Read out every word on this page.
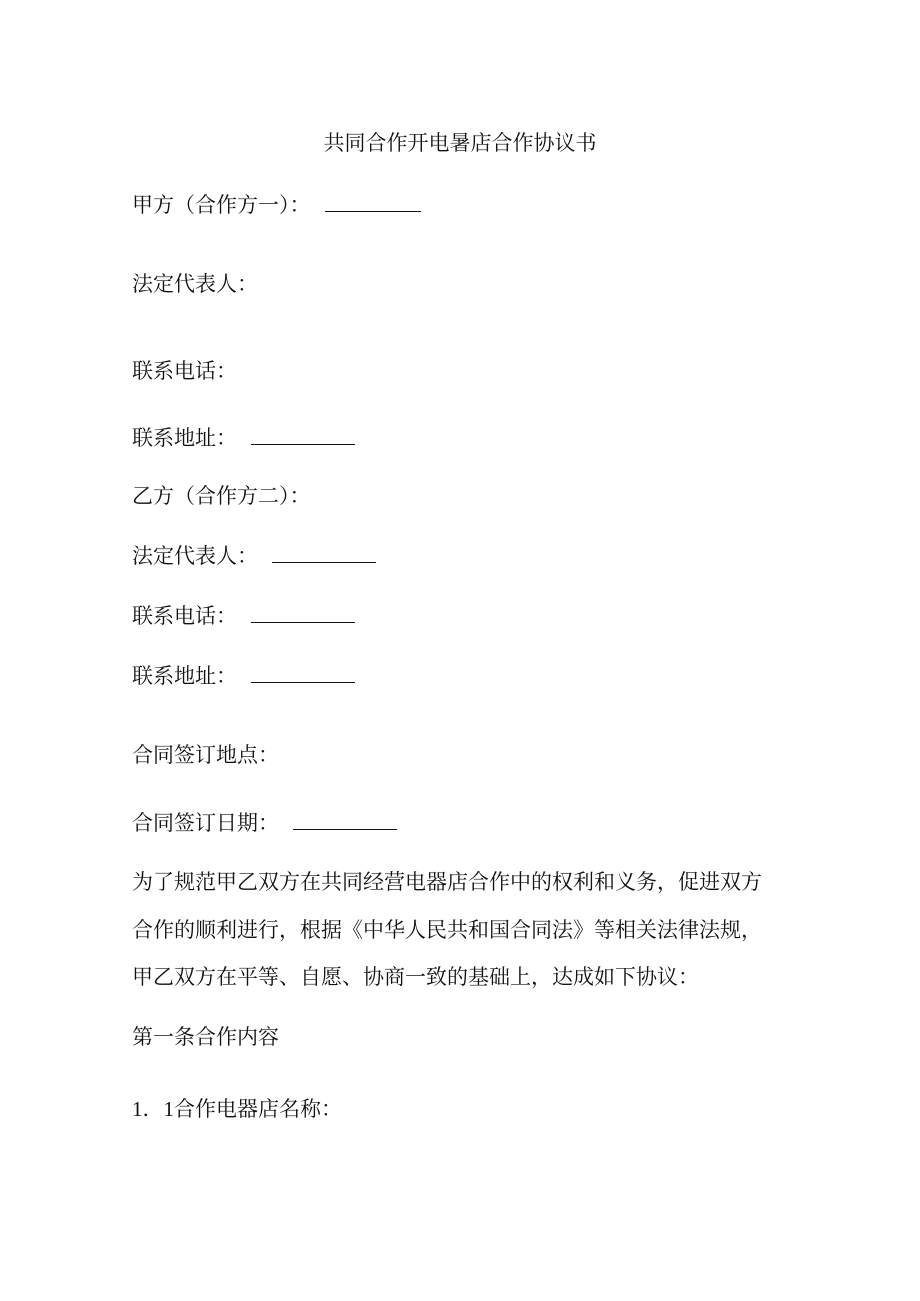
共同合作开电暑店合作协议书
甲方（合作方一）：
法定代表人：
联系电话：
联系地址：
乙方（合作方二）：
法定代表人：
联系电话：
联系地址：
合同签订地点：
合同签订日期：
为了规范甲乙双方在共同经营电器店合作中的权利和义务，促进双方
合作的顺利进行，根据《中华人民共和国合同法》等相关法律法规，
甲乙双方在平等、自愿、协商一致的基础上，达成如下协议：
第一条合作内容
1．1合作电器店名称：
